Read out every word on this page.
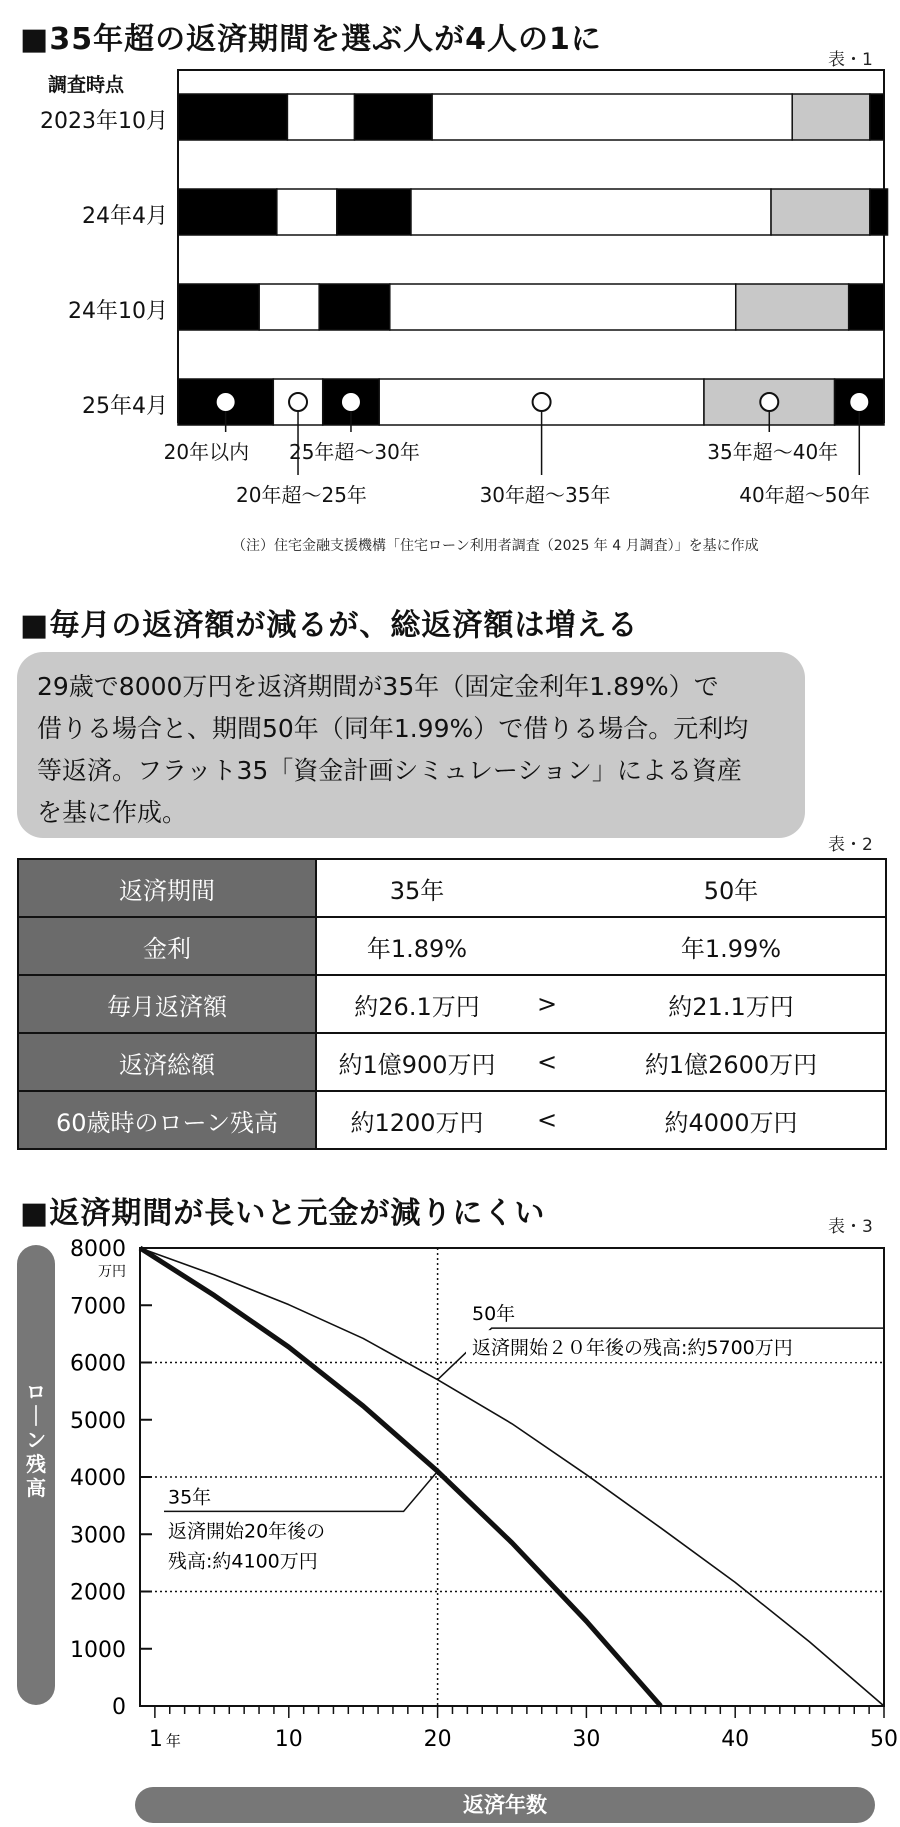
■35年超の返済期間を選ぶ人が4人の1に
表・1
調査時点
2023年10月
24年4月
24年10月
25年4月
20年以内
20年超～25年
25年超～30年
30年超～35年
35年超～40年
40年超～50年
（注）住宅金融支援機構「住宅ローン利用者調査（2025 年 4 月調査）」を基に作成
■毎月の返済額が減るが、総返済額は増える
29歳で8000万円を返済期間が35年（固定金利年1.89%）で
借りる場合と、期間50年（同年1.99%）で借りる場合。元利均
等返済。フラット35「資金計画シミュレーション」による資産
を基に作成。
表・2
返済期間	35年		50年
金利	年1.89%		年1.99%
毎月返済額	約26.1万円	>	約21.1万円
返済総額	約1億900万円	<	約1億2600万円
60歳時のローン残高	約1200万円	<	約4000万円
■返済期間が長いと元金が減りにくい	表・3
ロ
｜
ン
残
高
0
1000
2000
3000
4000
5000
6000
7000
8000
万円
1 年	10	20	30	40	50
50年
返済開始２０年後の残高:約5700万円
35年
返済開始20年後の
残高:約4100万円
返済年数
